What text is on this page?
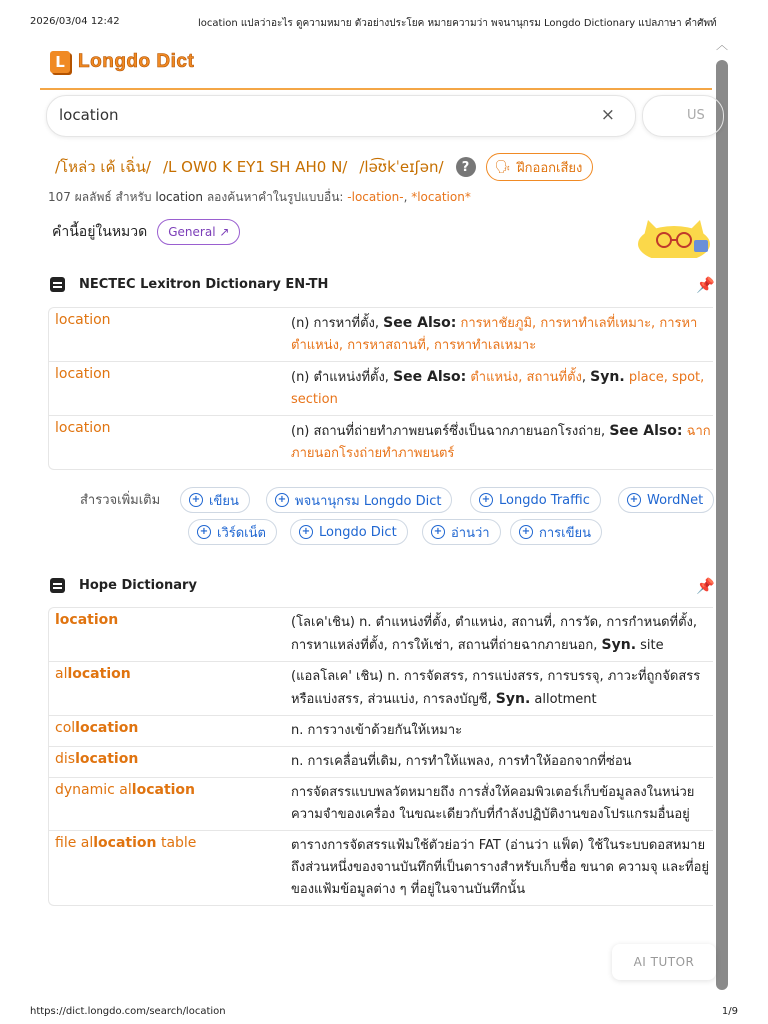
2026/03/04 12:42	location แปลว่าอะไร ดูความหมาย ตัวอย่างประโยค หมายความว่า พจนานุกรม Longdo Dictionary แปลภาษา คำศัพท์
https://dict.longdo.com/search/location	1/9
︿
L Longdo Dict
location	×	US
/โหล่ว เค้ เฉิ่น/ /L OW0 K EY1 SH AH0 N/ /lə͡ʊkˈeɪʃən/	?	🗣 ฝึกออกเสียง
107 ผลลัพธ์ สำหรับ location ลองค้นหาคำในรูปแบบอื่น: -location-, *location*
คำนี้อยู่ในหมวด	General ↗
NECTEC Lexitron Dictionary EN-TH	📌
location	(n) การหาที่ตั้ง, See Also: การหาชัยภูมิ, การหาทำเลที่เหมาะ, การหาตำแหน่ง, การหาสถานที่, การหาทำเลเหมาะ
location	(n) ตำแหน่งที่ตั้ง, See Also: ตำแหน่ง, สถานที่ตั้ง, Syn. place, spot, section
location	(n) สถานที่ถ่ายทำภาพยนตร์ซึ่งเป็นฉากภายนอกโรงถ่าย, See Also: ฉากภายนอกโรงถ่ายทำภาพยนตร์
สำรวจเพิ่มเติม	+ เขียน	+ พจนานุกรม Longdo Dict	+ Longdo Traffic	+ WordNet
+ เวิร์ดเน็ต	+ Longdo Dict	+ อ่านว่า	+ การเขียน
Hope Dictionary	📌
location	(โลเค'เชิน) n. ตำแหน่งที่ตั้ง, ตำแหน่ง, สถานที่, การวัด, การกำหนดที่ตั้ง, การหาแหล่งที่ตั้ง, การให้เช่า, สถานที่ถ่ายฉากภายนอก, Syn. site
allocation	(แอลโลเค' เชิน) n. การจัดสรร, การแบ่งสรร, การบรรจุ, ภาวะที่ถูกจัดสรรหรือแบ่งสรร, ส่วนแบ่ง, การลงบัญชี, Syn. allotment
collocation	n. การวางเข้าด้วยกันให้เหมาะ
dislocation	n. การเคลื่อนที่เดิม, การทำให้แพลง, การทำให้ออกจากที่ซ่อน
dynamic allocation	การจัดสรรแบบพลวัตหมายถึง การสั่งให้คอมพิวเตอร์เก็บข้อมูลลงในหน่วยความจำของเครื่อง ในขณะเดียวกับที่กำลังปฏิบัติงานของโปรแกรมอื่นอยู่
file allocation table	ตารางการจัดสรรแฟ้มใช้ตัวย่อว่า FAT (อ่านว่า แฟ็ต) ใช้ในระบบดอสหมายถึงส่วนหนึ่งของจานบันทึกที่เป็นตารางสำหรับเก็บชื่อ ขนาด ความจุ และที่อยู่ของแฟ้มข้อมูลต่าง ๆ ที่อยู่ในจานบันทึกนั้น
AI TUTOR
